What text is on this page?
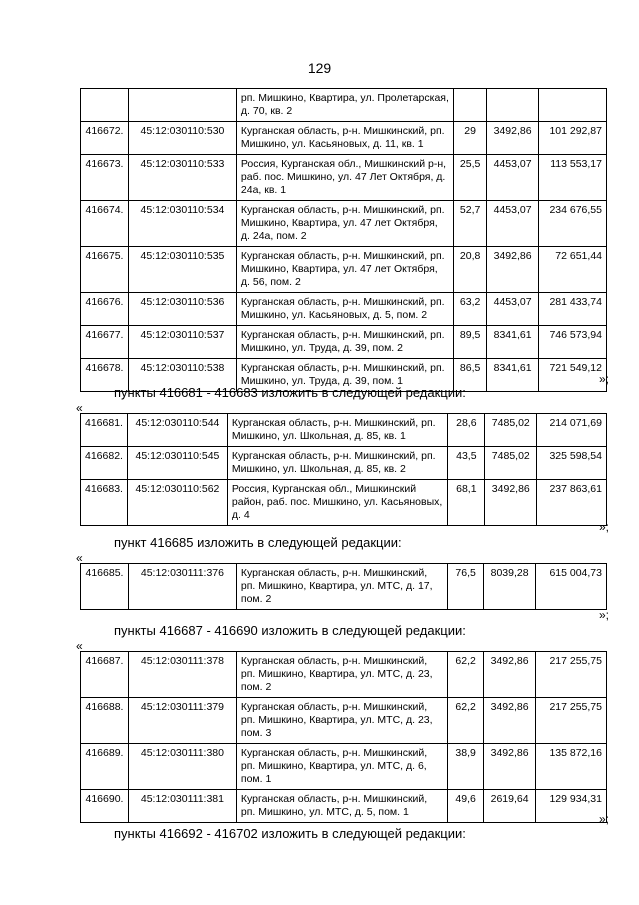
129
		рп. Мишкино, Квартира, ул. Пролетарская, д. 70, кв. 2			
416672.	45:12:030110:530	Курганская область, р-н. Мишкинский, рп. Мишкино, ул. Касьяновых, д. 11, кв. 1	29	3492,86	101 292,87
416673.	45:12:030110:533	Россия, Курганская обл., Мишкинский р-н, раб. пос. Мишкино, ул. 47 Лет Октября, д. 24а, кв. 1	25,5	4453,07	113 553,17
416674.	45:12:030110:534	Курганская область, р-н. Мишкинский, рп. Мишкино, Квартира, ул. 47 лет Октября, д. 24а, пом. 2	52,7	4453,07	234 676,55
416675.	45:12:030110:535	Курганская область, р-н. Мишкинский, рп. Мишкино, Квартира, ул. 47 лет Октября, д. 56, пом. 2	20,8	3492,86	72 651,44
416676.	45:12:030110:536	Курганская область, р-н. Мишкинский, рп. Мишкино, ул. Касьяновых, д. 5, пом. 2	63,2	4453,07	281 433,74
416677.	45:12:030110:537	Курганская область, р-н. Мишкинский, рп. Мишкино, ул. Труда, д. 39, пом. 2	89,5	8341,61	746 573,94
416678.	45:12:030110:538	Курганская область, р-н. Мишкинский, рп. Мишкино, ул. Труда, д. 39, пом. 1	86,5	8341,61	721 549,12
»;
пункты 416681 - 416683 изложить в следующей редакции:
«
416681.	45:12:030110:544	Курганская область, р-н. Мишкинский, рп. Мишкино, ул. Школьная, д. 85, кв. 1	28,6	7485,02	214 071,69
416682.	45:12:030110:545	Курганская область, р-н. Мишкинский, рп. Мишкино, ул. Школьная, д. 85, кв. 2	43,5	7485,02	325 598,54
416683.	45:12:030110:562	Россия, Курганская обл., Мишкинский район, раб. пос. Мишкино, ул. Касьяновых, д. 4	68,1	3492,86	237 863,61
»;
пункт 416685 изложить в следующей редакции:
«
416685.	45:12:030111:376	Курганская область, р-н. Мишкинский, рп. Мишкино, Квартира, ул. МТС, д. 17, пом. 2	76,5	8039,28	615 004,73
»;
пункты 416687 - 416690 изложить в следующей редакции:
«
416687.	45:12:030111:378	Курганская область, р-н. Мишкинский, рп. Мишкино, Квартира, ул. МТС, д. 23, пом. 2	62,2	3492,86	217 255,75
416688.	45:12:030111:379	Курганская область, р-н. Мишкинский, рп. Мишкино, Квартира, ул. МТС, д. 23, пом. 3	62,2	3492,86	217 255,75
416689.	45:12:030111:380	Курганская область, р-н. Мишкинский, рп. Мишкино, Квартира, ул. МТС, д. 6, пом. 1	38,9	3492,86	135 872,16
416690.	45:12:030111:381	Курганская область, р-н. Мишкинский, рп. Мишкино, ул. МТС, д. 5, пом. 1	49,6	2619,64	129 934,31
»;
пункты 416692 - 416702 изложить в следующей редакции:
